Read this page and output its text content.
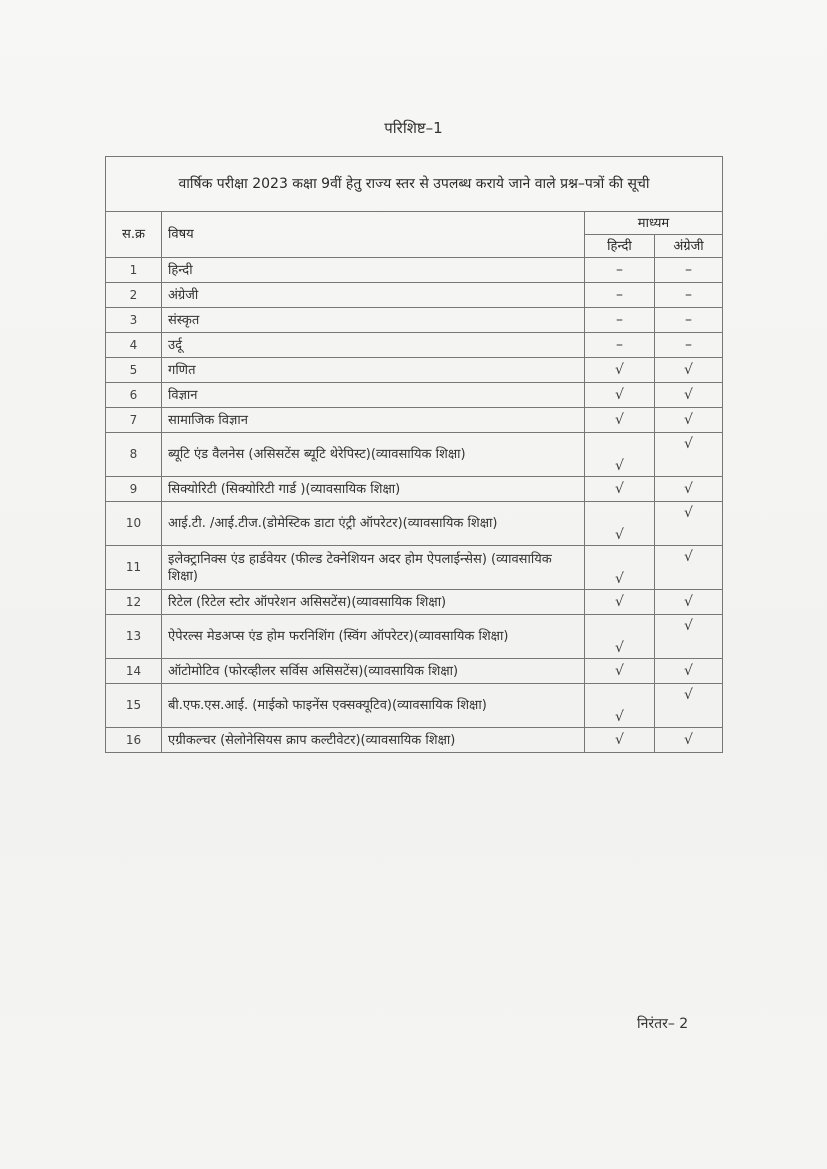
परिशिष्ट–1
वार्षिक परीक्षा 2023 कक्षा 9वीं हेतु राज्य स्तर से उपलब्ध कराये जाने वाले प्रश्न–पत्रों की सूची			
स.क्र	विषय	माध्यम	
		हिन्दी	अंग्रेजी
1	हिन्दी	–	–
2	अंग्रेजी	–	–
3	संस्कृत	–	–
4	उर्दू	–	–
5	गणित	√	√
6	विज्ञान	√	√
7	सामाजिक विज्ञान	√	√
8	ब्यूटि एंड वैलनेस (असिसटेंस ब्यूटि थेरेपिस्ट)(व्यावसायिक शिक्षा)	√	√
9	सिक्योरिटी (सिक्योरिटी गार्ड )(व्यावसायिक शिक्षा)	√	√
10	आई.टी. /आई.टीज.(डोमेस्टिक डाटा एंट्री ऑपरेटर)(व्यावसायिक शिक्षा)	√	√
11	इलेक्ट्रानिक्स एंड हार्डवेयर (फील्ड टेक्नेशियन अदर होम ऐपलाईन्सेस) (व्यावसायिक शिक्षा)	√	√
12	रिटेल (रिटेल स्टोर ऑपरेशन असिसटेंस)(व्यावसायिक शिक्षा)	√	√
13	ऐपेरल्स मेडअप्स एंड होम फरनिशिंग (स्विंग ऑपरेटर)(व्यावसायिक शिक्षा)	√	√
14	ऑटोमोटिव (फोरव्हीलर सर्विस असिसटेंस)(व्यावसायिक शिक्षा)	√	√
15	बी.एफ.एस.आई. (माईको फाइनेंस एक्सक्यूटिव)(व्यावसायिक शिक्षा)	√	√
16	एग्रीकल्चर (सेलोनेसियस क्राप कल्टीवेटर)(व्यावसायिक शिक्षा)	√	√
निरंतर– 2
